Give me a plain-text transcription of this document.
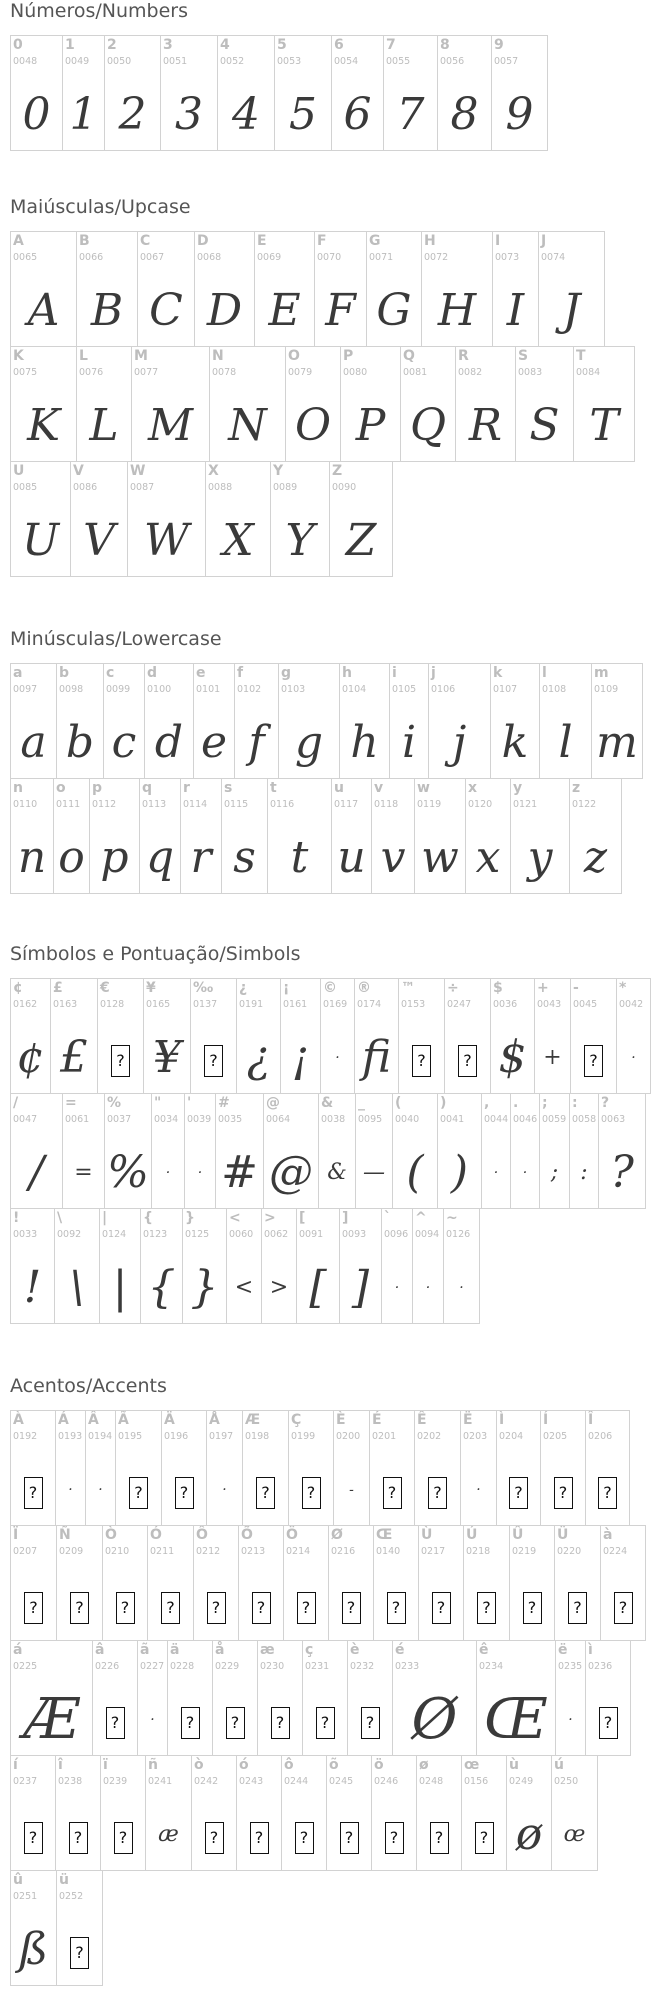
Números/Numbers
0
0048
0
1
0049
1
2
0050
2
3
0051
3
4
0052
4
5
0053
5
6
0054
6
7
0055
7
8
0056
8
9
0057
9
Maiúsculas/Upcase
A
0065
A
B
0066
B
C
0067
C
D
0068
D
E
0069
E
F
0070
F
G
0071
G
H
0072
H
I
0073
I
J
0074
J
K
0075
K
L
0076
L
M
0077
M
N
0078
N
O
0079
O
P
0080
P
Q
0081
Q
R
0082
R
S
0083
S
T
0084
T
U
0085
U
V
0086
V
W
0087
W
X
0088
X
Y
0089
Y
Z
0090
Z
Minúsculas/Lowercase
a
0097
a
b
0098
b
c
0099
c
d
0100
d
e
0101
e
f
0102
f
g
0103
g
h
0104
h
i
0105
i
j
0106
j
k
0107
k
l
0108
l
m
0109
m
n
0110
n
o
0111
o
p
0112
p
q
0113
q
r
0114
r
s
0115
s
t
0116
t
u
0117
u
v
0118
v
w
0119
w
x
0120
x
y
0121
y
z
0122
z
Símbolos e Pontuação/Simbols
¢
0162
¢
£
0163
£
€
0128
?
¥
0165
¥
‰
0137
?
¿
0191
¿
¡
0161
¡
©
0169
·
®
0174
fi
™
0153
?
÷
0247
?
$
0036
$
+
0043
+
-
0045
?
*
0042
·
/
0047
/
=
0061
=
%
0037
%
"
0034
·
'
0039
·
#
0035
#
@
0064
@
&
0038
&
_
0095
—
(
0040
(
)
0041
)
,
0044
·
.
0046
·
;
0059
;
:
0058
:
?
0063
?
!
0033
!
\
0092
\
|
0124
|
{
0123
{
}
0125
}
<
0060
<
>
0062
>
[
0091
[
]
0093
]
`
0096
·
^
0094
·
~
0126
·
Acentos/Accents
À
0192
?
Á
0193
·
Â
0194
·
Ã
0195
?
Ä
0196
?
Å
0197
·
Æ
0198
?
Ç
0199
?
È
0200
-
É
0201
?
Ê
0202
?
Ë
0203
·
Ì
0204
?
Í
0205
?
Î
0206
?
Ï
0207
?
Ñ
0209
?
Ò
0210
?
Ó
0211
?
Ô
0212
?
Õ
0213
?
Ö
0214
?
Ø
0216
?
Œ
0140
?
Ù
0217
?
Ú
0218
?
Û
0219
?
Ü
0220
?
à
0224
?
á
0225
Æ
â
0226
?
ã
0227
·
ä
0228
?
å
0229
?
æ
0230
?
ç
0231
?
è
0232
?
é
0233
Ø
ê
0234
Œ
ë
0235
·
ì
0236
?
í
0237
?
î
0238
?
ï
0239
?
ñ
0241
æ
ò
0242
?
ó
0243
?
ô
0244
?
õ
0245
?
ö
0246
?
ø
0248
?
œ
0156
?
ù
0249
ø
ú
0250
œ
û
0251
ß
ü
0252
?
